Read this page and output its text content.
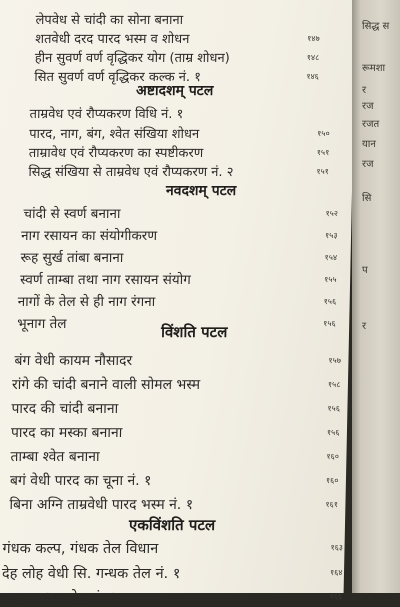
लेपवेध से चांदी का सोना बनाना
शतवेधी दरद पारद भस्म व शोधन	१४७
हीन सुवर्ण वर्ण वृद्धिकर योग (ताम्र शोधन)	१४८
सित सुवर्ण वर्ण वृद्धिकर कल्क नं. १	१४६
अष्टादशम् पटल
ताम्रवेध एवं रौप्यकरण विधि नं. १
पारद, नाग, बंग, श्वेत संखिया शोधन	१५०
ताम्रावेध एवं रौप्यकरण का स्पष्टीकरण	१५१
सिद्ध संखिया से ताम्रवेध एवं रौप्यकरण नं. २	१५१
नवदशम् पटल
चांदी से स्वर्ण बनाना	१५२
नाग रसायन का संयोगीकरण	१५३
रूह सुर्ख तांबा बनाना	१५४
स्वर्ण ताम्बा तथा नाग रसायन संयोग	१५५
नागों के तेल से ही नाग रंगना	१५६
भूनाग तेल	१५६
विंशति पटल
बंग वेधी कायम नौसादर	१५७
रांगे की चांदी बनाने वाली सोमल भस्म	१५८
पारद की चांदी बनाना	१५६
पारद का मस्का बनाना	१५६
ताम्बा श्वेत बनाना	१६०
बगं वेधी पारद का चूना नं. १	१६०
बिना अग्नि ताम्रवेधी पारद भस्म नं. १	१६१
एकविंशति पटल
गंधक कल्प, गंधक तेल विधान	१६३
देह लोह वेधी सि. गन्धक तेल नं. १	१६४
ताल, गन्धक तेल नं. २	१६६
सिद्ध स
रूमशा
र
रज
रजत
यान
रज
सि
प
र
